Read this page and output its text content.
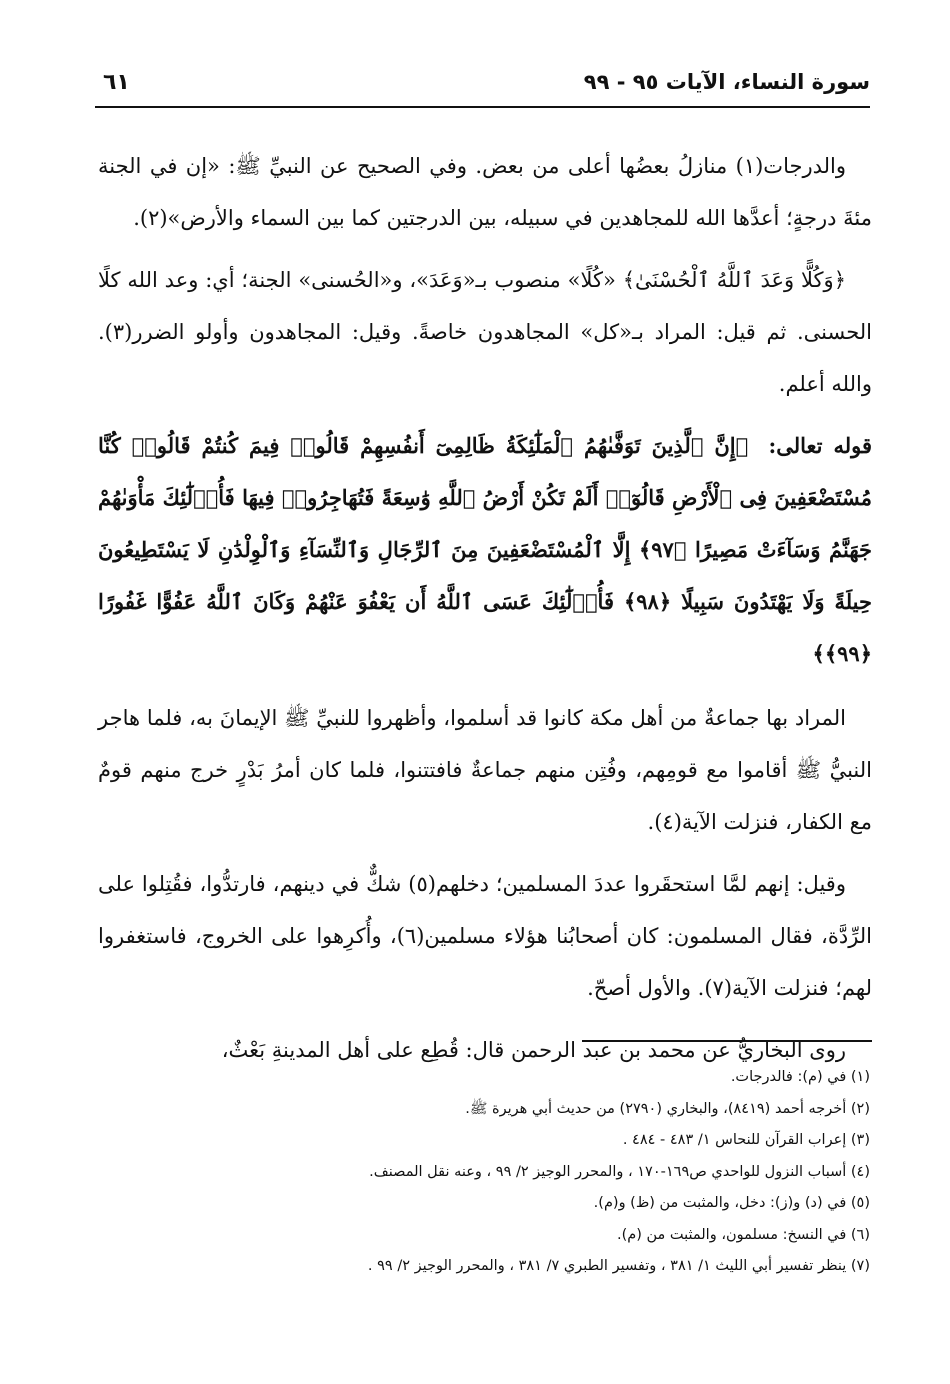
سورة النساء، الآيات ٩٥ - ٩٩
٦١

والدرجات(١) منازلُ بعضُها أعلى من بعض. وفي الصحيح عن النبيِّ ﷺ: «إن في الجنة مئةَ درجةٍ؛ أعدَّها الله للمجاهدين في سبيله، بين الدرجتين كما بين السماء والأرض»(٢).

﴿وَكُلًّا وَعَدَ ٱللَّهُ ٱلْحُسْنَىٰ﴾ «كُلًا» منصوب بـ«وَعَدَ»، و«الحُسنى» الجنة؛ أي: وعد الله كلًا الحسنى. ثم قيل: المراد بـ«كل» المجاهدون خاصةً. وقيل: المجاهدون وأولو الضرر(٣). والله أعلم.

قوله تعالى: ﴿إِنَّ ٱلَّذِينَ تَوَفَّىٰهُمُ ٱلْمَلَٰٓئِكَةُ ظَالِمِىٓ أَنفُسِهِمْ قَالُوا۟ فِيمَ كُنتُمْ قَالُوا۟ كُنَّا مُسْتَضْعَفِينَ فِى ٱلْأَرْضِ قَالُوٓا۟ أَلَمْ تَكُنْ أَرْضُ ٱللَّهِ وَٰسِعَةً فَتُهَاجِرُوا۟ فِيهَا فَأُو۟لَٰٓئِكَ مَأْوَىٰهُمْ جَهَنَّمُ وَسَآءَتْ مَصِيرًا ﴿٩٧﴾ إِلَّا ٱلْمُسْتَضْعَفِينَ مِنَ ٱلرِّجَالِ وَٱلنِّسَآءِ وَٱلْوِلْدَٰنِ لَا يَسْتَطِيعُونَ حِيلَةً وَلَا يَهْتَدُونَ سَبِيلًا ﴿٩٨﴾ فَأُو۟لَٰٓئِكَ عَسَى ٱللَّهُ أَن يَعْفُوَ عَنْهُمْ وَكَانَ ٱللَّهُ عَفُوًّا غَفُورًا ﴿٩٩﴾﴾

المراد بها جماعةٌ من أهل مكة كانوا قد أسلموا، وأظهروا للنبيِّ ﷺ الإيمانَ به، فلما هاجر النبيُّ ﷺ أقاموا مع قومِهم، وفُتِن منهم جماعةٌ فافتتنوا، فلما كان أمرُ بَدْرٍ خرج منهم قومٌ مع الكفار، فنزلت الآية(٤).

وقيل: إنهم لمَّا استحقَروا عددَ المسلمين؛ دخلهم(٥) شكٌّ في دينهم، فارتدُّوا، فقُتِلوا على الرِّدَّة، فقال المسلمون: كان أصحابُنا هؤلاء مسلمين(٦)، وأُكرِهوا على الخروج، فاستغفروا لهم؛ فنزلت الآية(٧). والأول أصحّ.

روى البخاريُّ عن محمد بن عبد الرحمن قال: قُطِع على أهل المدينةِ بَعْثٌ،

(١) في (م): فالدرجات.
(٢) أخرجه أحمد (٨٤١٩)، والبخاري (٢٧٩٠) من حديث أبي هريرة ﷺ.
(٣) إعراب القرآن للنحاس ١/ ٤٨٣ - ٤٨٤ .
(٤) أسباب النزول للواحدي ص١٦٩-١٧٠ ، والمحرر الوجيز ٢/ ٩٩ ، وعنه نقل المصنف.
(٥) في (د) و(ز): دخل، والمثبت من (ظ) و(م).
(٦) في النسخ: مسلمون، والمثبت من (م).
(٧) ينظر تفسير أبي الليث ١/ ٣٨١ ، وتفسير الطبري ٧/ ٣٨١ ، والمحرر الوجيز ٢/ ٩٩ .
